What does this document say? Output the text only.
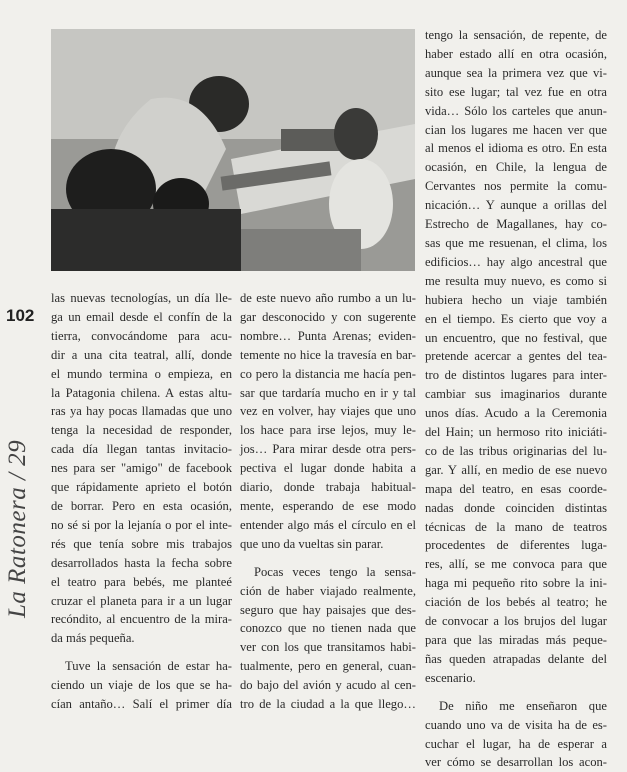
102
La Ratonera / 29

las nuevas tecnologías, un día lle-
ga un email desde el confín de la
tierra, convocándome para acu-
dir a una cita teatral, allí, donde
el mundo termina o empieza, en
la Patagonia chilena. A estas altu-
ras ya hay pocas llamadas que uno
tenga la necesidad de responder,
cada día llegan tantas invitacio-
nes para ser "amigo" de facebook
que rápidamente aprieto el botón
de borrar. Pero en esta ocasión,
no sé si por la lejanía o por el inte-
rés que tenía sobre mis trabajos
desarrollados hasta la fecha sobre
el teatro para bebés, me planteé
cruzar el planeta para ir a un lugar
recóndito, al encuentro de la mira-
da más pequeña.

Tuve la sensación de estar ha-
ciendo un viaje de los que se ha-
cían antaño… Salí el primer día

de este nuevo año rumbo a un lu-
gar desconocido y con sugerente
nombre… Punta Arenas; eviden-
temente no hice la travesía en bar-
co pero la distancia me hacía pen-
sar que tardaría mucho en ir y tal
vez en volver, hay viajes que uno
los hace para irse lejos, muy le-
jos… Para mirar desde otra pers-
pectiva el lugar donde habita a
diario, donde trabaja habitual-
mente, esperando de ese modo
entender algo más el círculo en el
que uno da vueltas sin parar.

Pocas veces tengo la sensa-
ción de haber viajado realmente,
seguro que hay paisajes que des-
conozco que no tienen nada que
ver con los que transitamos habi-
tualmente, pero en general, cuan-
do bajo del avión y acudo al cen-
tro de la ciudad a la que llego…

tengo la sensación, de repente, de
haber estado allí en otra ocasión,
aunque sea la primera vez que vi-
sito ese lugar; tal vez fue en otra
vida… Sólo los carteles que anun-
cian los lugares me hacen ver que
al menos el idioma es otro. En esta
ocasión, en Chile, la lengua de
Cervantes nos permite la comu-
nicación… Y aunque a orillas del
Estrecho de Magallanes, hay co-
sas que me resuenan, el clima, los
edificios… hay algo ancestral que
me resulta muy nuevo, es como si
hubiera hecho un viaje también
en el tiempo. Es cierto que voy a
un encuentro, que no festival, que
pretende acercar a gentes del tea-
tro de distintos lugares para inter-
cambiar sus imaginarios durante
unos días. Acudo a la Ceremonia
del Hain; un hermoso rito iniciáti-
co de las tribus originarias del lu-
gar. Y allí, en medio de ese nuevo
mapa del teatro, en esas coorde-
nadas donde coinciden distintas
técnicas de la mano de teatros
procedentes de diferentes luga-
res, allí, se me convoca para que
haga mi pequeño rito sobre la ini-
ciación de los bebés al teatro; he
de convocar a los brujos del lugar
para que las miradas más peque-
ñas queden atrapadas delante del
escenario.

De niño me enseñaron que
cuando uno va de visita ha de es-
cuchar el lugar, ha de esperar a
ver cómo se desarrollan los acon-
